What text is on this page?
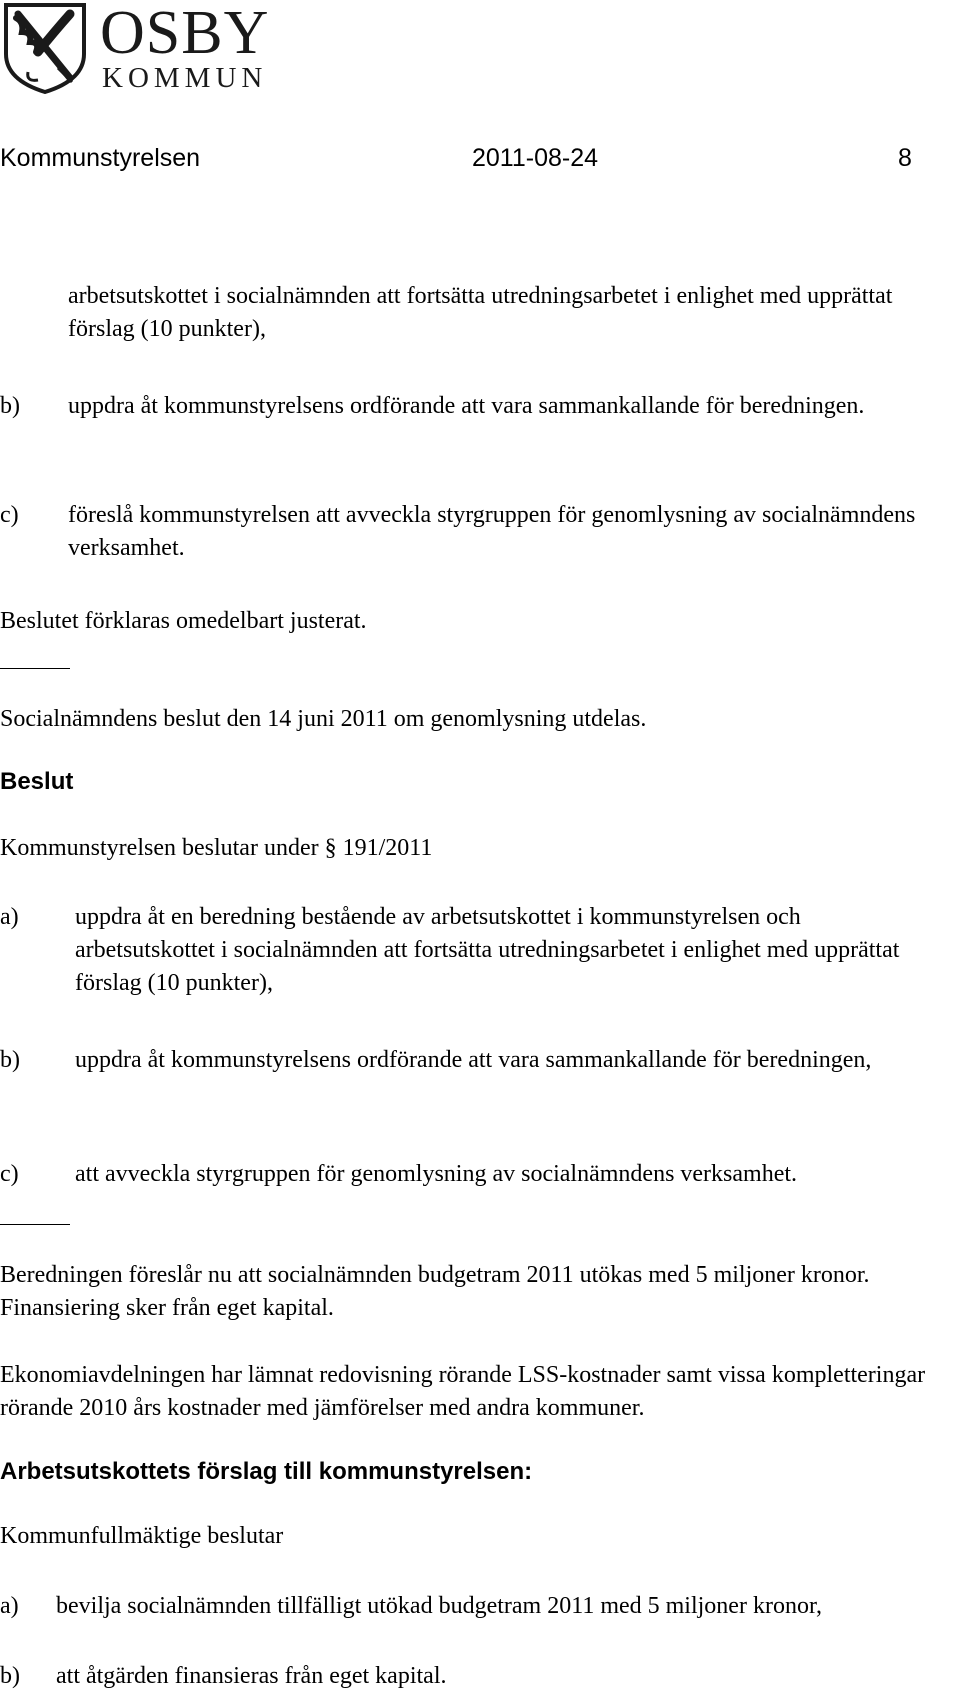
OSBY
KOMMUN
Kommunstyrelsen	2011-08-24	8
arbetsutskottet i socialnämnden att fortsätta utredningsarbetet i enlighet med upprättat förslag (10 punkter),
b) uppdra åt kommunstyrelsens ordförande att vara sammankallande för beredningen.
c) föreslå kommunstyrelsen att avveckla styrgruppen för genomlysning av socialnämndens verksamhet.
Beslutet förklaras omedelbart justerat.
Socialnämndens beslut den 14 juni 2011 om genomlysning utdelas.
Beslut
Kommunstyrelsen beslutar under § 191/2011
a)	uppdra åt en beredning bestående av arbetsutskottet i kommunstyrelsen och arbetsutskottet i socialnämnden att fortsätta utredningsarbetet i enlighet med upprättat förslag (10 punkter),
b)	uppdra åt kommunstyrelsens ordförande att vara sammankallande för beredningen,
c)	att avveckla styrgruppen för genomlysning av socialnämndens verksamhet.
Beredningen föreslår nu att socialnämnden budgetram 2011 utökas med 5 miljoner kronor. Finansiering sker från eget kapital.
Ekonomiavdelningen har lämnat redovisning rörande LSS-kostnader samt vissa kompletteringar rörande 2010 års kostnader med jämförelser med andra kommuner.
Arbetsutskottets förslag till kommunstyrelsen:
Kommunfullmäktige beslutar
a) bevilja socialnämnden tillfälligt utökad budgetram 2011 med 5 miljoner kronor,
b) att åtgärden finansieras från eget kapital.
